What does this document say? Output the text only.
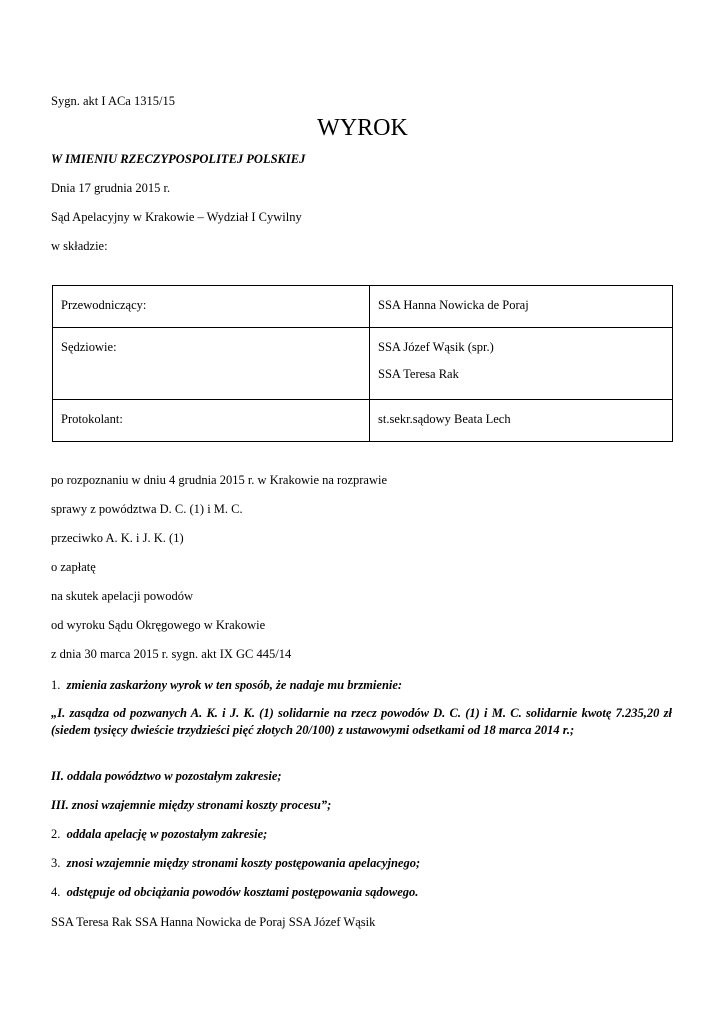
Sygn. akt I ACa 1315/15
WYROK
W IMIENIU RZECZYPOSPOLITEJ POLSKIEJ
Dnia 17 grudnia 2015 r.
Sąd Apelacyjny w Krakowie – Wydział I Cywilny
w składzie:
Przewodniczący:	SSA Hanna Nowicka de Poraj

Sędziowie:	SSA Józef Wąsik (spr.)
SSA Teresa Rak

Protokolant:	st.sekr.sądowy Beata Lech
po rozpoznaniu w dniu 4 grudnia 2015 r. w Krakowie na rozprawie
sprawy z powództwa D. C. (1) i M. C.
przeciwko A. K. i J. K. (1)
o zapłatę
na skutek apelacji powodów
od wyroku Sądu Okręgowego w Krakowie
z dnia 30 marca 2015 r. sygn. akt IX GC 445/14
1. zmienia zaskarżony wyrok w ten sposób, że nadaje mu brzmienie:
„I. zasądza od pozwanych A. K. i J. K. (1) solidarnie na rzecz powodów D. C. (1) i M. C. solidarnie kwotę 7.235,20 zł (siedem tysięcy dwieście trzydzieści pięć złotych 20/100) z ustawowymi odsetkami od 18 marca 2014 r.;
II. oddala powództwo w pozostałym zakresie;
III. znosi wzajemnie między stronami koszty procesu”;
2. oddala apelację w pozostałym zakresie;
3. znosi wzajemnie między stronami koszty postępowania apelacyjnego;
4. odstępuje od obciążania powodów kosztami postępowania sądowego.
SSA Teresa Rak SSA Hanna Nowicka de Poraj SSA Józef Wąsik
